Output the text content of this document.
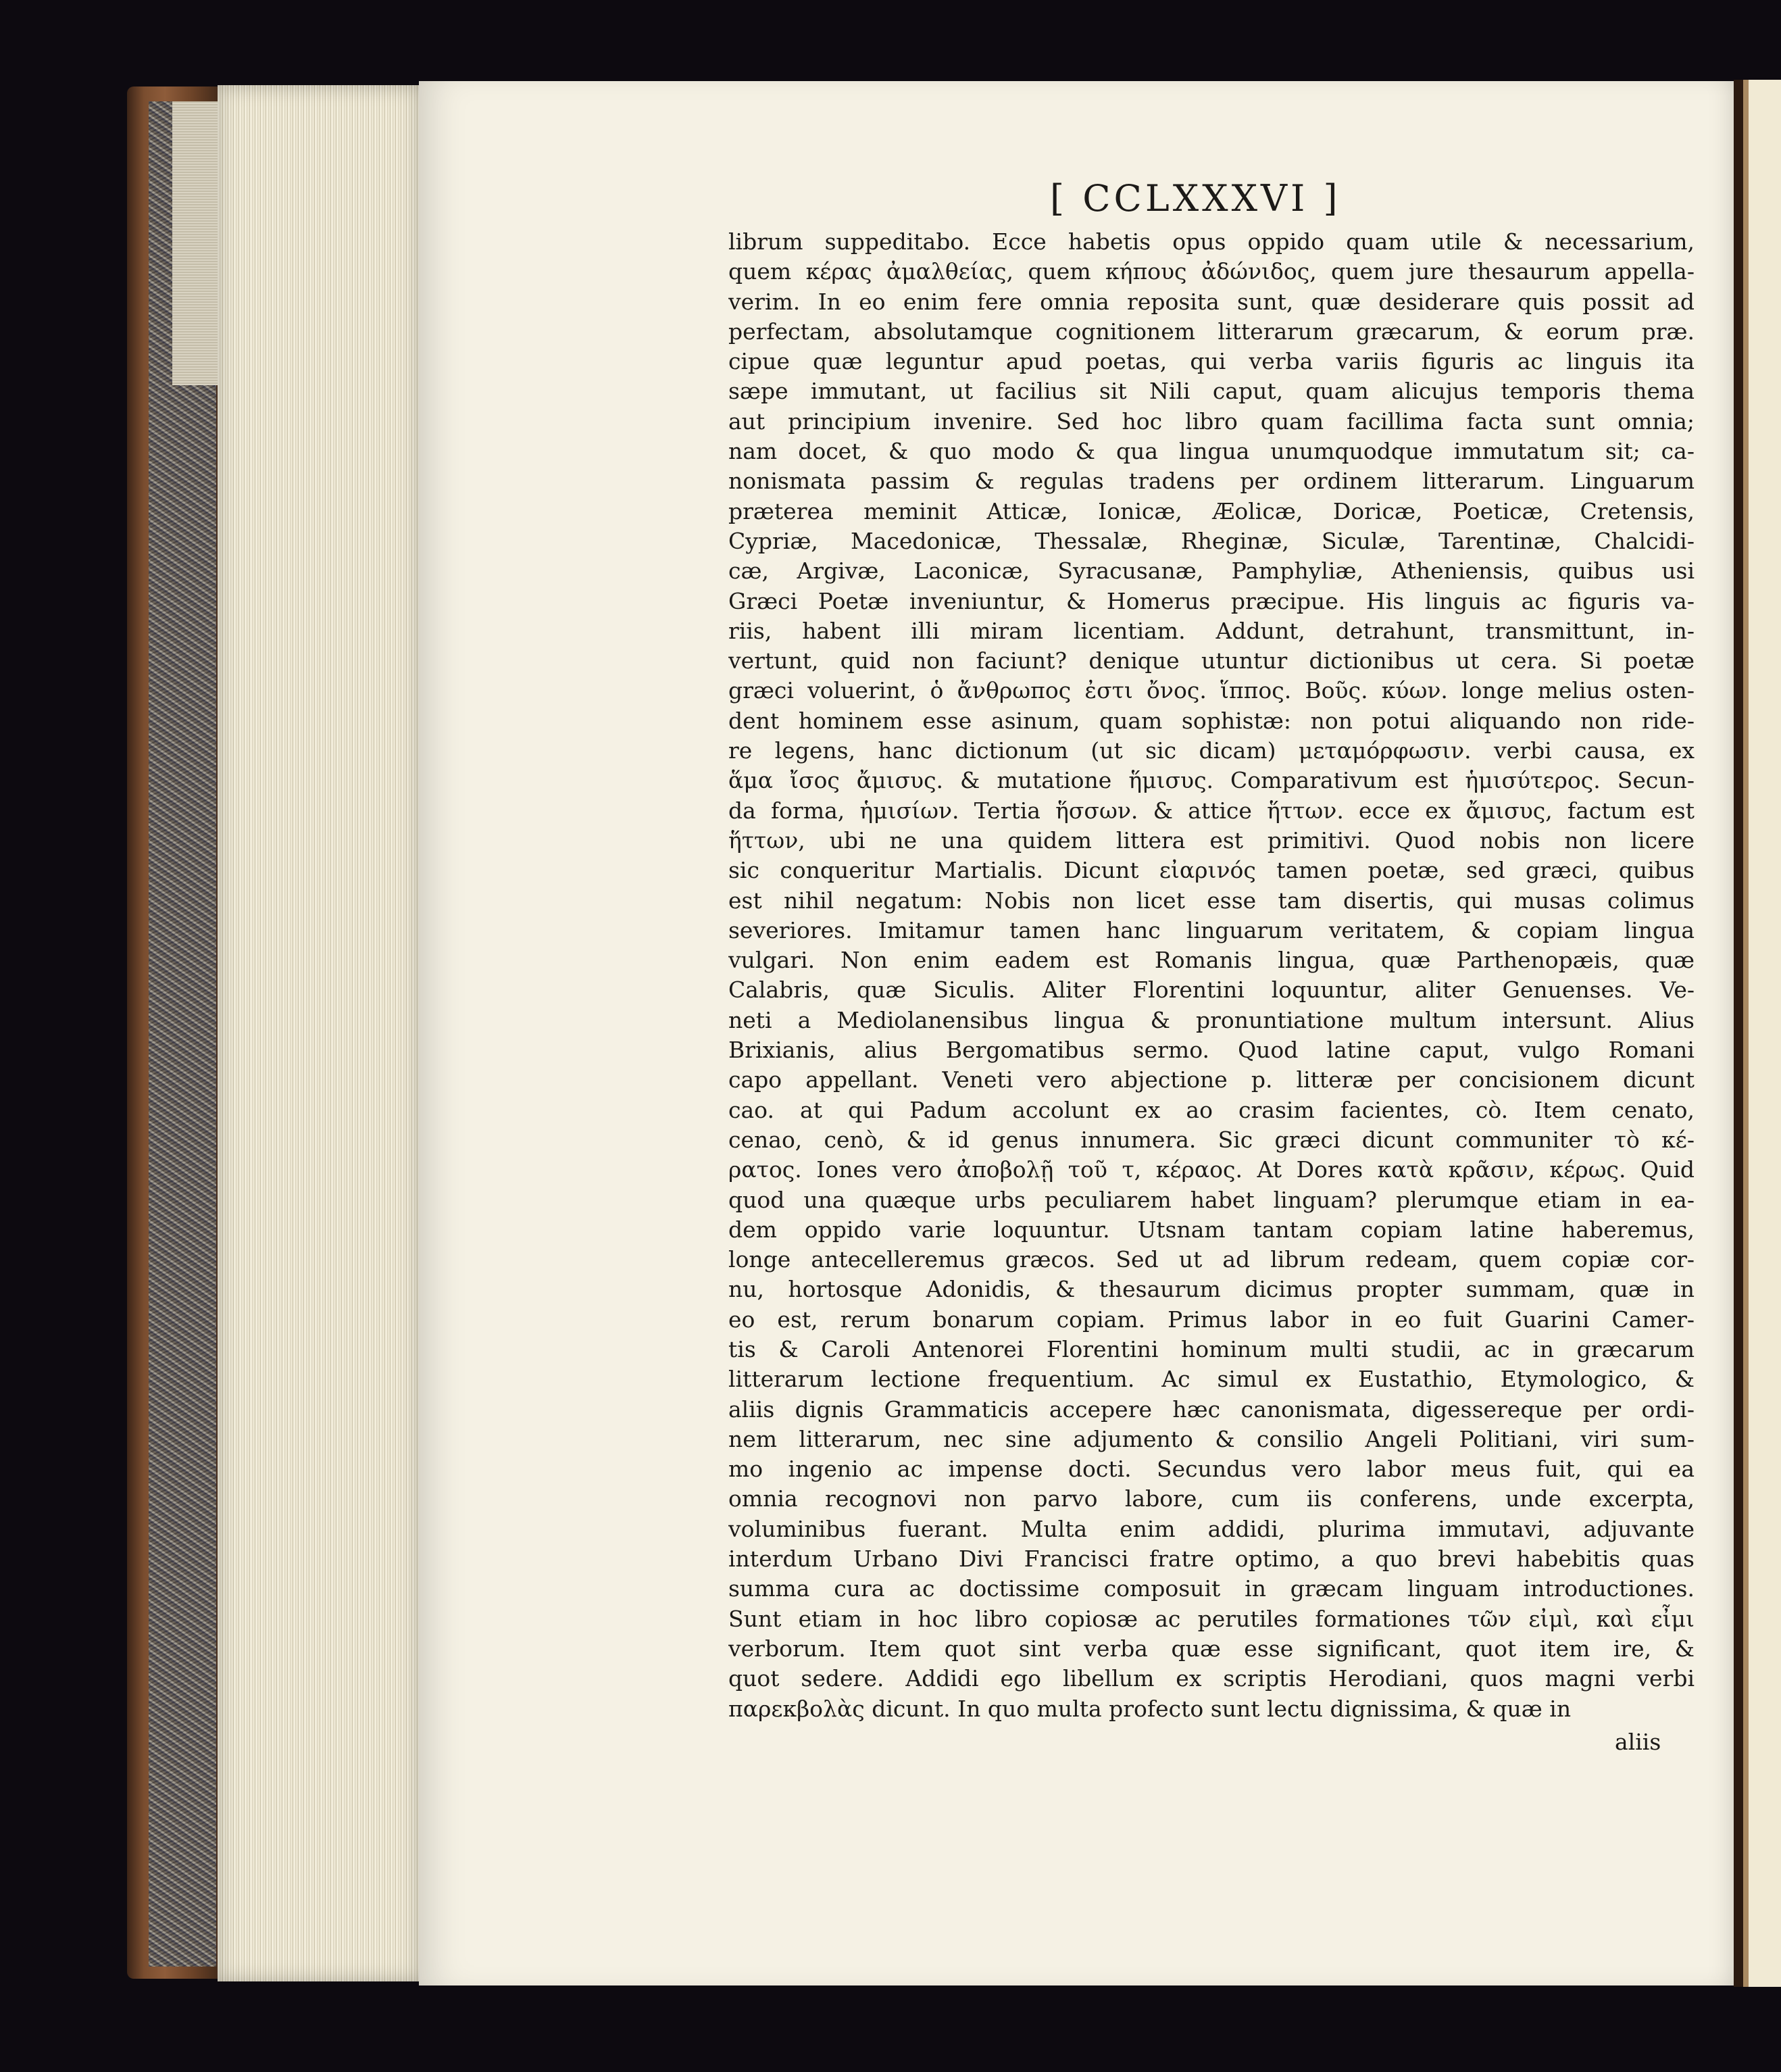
[ CCLXXXVI ]
librum suppeditabo. Ecce habetis opus oppido quam utile & necessarium,
quem κέρας ἀμαλθείας, quem κήπους ἀδώνιδος, quem jure thesaurum appella-
verim. In eo enim fere omnia reposita sunt, quæ desiderare quis possit ad
perfectam, absolutamque cognitionem litterarum græcarum, & eorum præ.
cipue quæ leguntur apud poetas, qui verba variis figuris ac linguis ita
sæpe immutant, ut facilius sit Nili caput, quam alicujus temporis thema
aut principium invenire. Sed hoc libro quam facillima facta sunt omnia;
nam docet, & quo modo & qua lingua unumquodque immutatum sit; ca-
nonismata passim & regulas tradens per ordinem litterarum. Linguarum
præterea meminit Atticæ, Ionicæ, Æolicæ, Doricæ, Poeticæ, Cretensis,
Cypriæ, Macedonicæ, Thessalæ, Rheginæ, Siculæ, Tarentinæ, Chalcidi-
cæ, Argivæ, Laconicæ, Syracusanæ, Pamphyliæ, Atheniensis, quibus usi
Græci Poetæ inveniuntur, & Homerus præcipue. His linguis ac figuris va-
riis, habent illi miram licentiam. Addunt, detrahunt, transmittunt, in-
vertunt, quid non faciunt? denique utuntur dictionibus ut cera. Si poetæ
græci voluerint, ὁ ἄνθρωπος ἐστι ὄνος. ἵππος. Βοῦς. κύων. longe melius osten-
dent hominem esse asinum, quam sophistæ: non potui aliquando non ride-
re legens, hanc dictionum (ut sic dicam) μεταμόρφωσιν. verbi causa, ex
ἅμα ἴσος ἄμισυς. & mutatione ἥμισυς. Comparativum est ἡμισύτερος. Secun-
da forma, ἡμισίων. Tertia ἥσσων. & attice ἥττων. ecce ex ἄμισυς, factum est
ἥττων, ubi ne una quidem littera est primitivi. Quod nobis non licere
sic conqueritur Martialis. Dicunt εἰαρινός tamen poetæ, sed græci, quibus
est nihil negatum: Nobis non licet esse tam disertis, qui musas colimus
severiores. Imitamur tamen hanc linguarum veritatem, & copiam lingua
vulgari. Non enim eadem est Romanis lingua, quæ Parthenopæis, quæ
Calabris, quæ Siculis. Aliter Florentini loquuntur, aliter Genuenses. Ve-
neti a Mediolanensibus lingua & pronuntiatione multum intersunt. Alius
Brixianis, alius Bergomatibus sermo. Quod latine caput, vulgo Romani
capo appellant. Veneti vero abjectione p. litteræ per concisionem dicunt
cao. at qui Padum accolunt ex ao crasim facientes, cò. Item cenato,
cenao, cenò, & id genus innumera. Sic græci dicunt communiter τὸ κέ-
ρατος. Iones vero ἀποβολῇ τοῦ τ, κέραος. At Dores κατὰ κρᾶσιν, κέρως. Quid
quod una quæque urbs peculiarem habet linguam? plerumque etiam in ea-
dem oppido varie loquuntur. Utsnam tantam copiam latine haberemus,
longe antecelleremus græcos. Sed ut ad librum redeam, quem copiæ cor-
nu, hortosque Adonidis, & thesaurum dicimus propter summam, quæ in
eo est, rerum bonarum copiam. Primus labor in eo fuit Guarini Camer-
tis & Caroli Antenorei Florentini hominum multi studii, ac in græcarum
litterarum lectione frequentium. Ac simul ex Eustathio, Etymologico, &
aliis dignis Grammaticis accepere hæc canonismata, digessereque per ordi-
nem litterarum, nec sine adjumento & consilio Angeli Politiani, viri sum-
mo ingenio ac impense docti. Secundus vero labor meus fuit, qui ea
omnia recognovi non parvo labore, cum iis conferens, unde excerpta,
voluminibus fuerant. Multa enim addidi, plurima immutavi, adjuvante
interdum Urbano Divi Francisci fratre optimo, a quo brevi habebitis quas
summa cura ac doctissime composuit in græcam linguam introductiones.
Sunt etiam in hoc libro copiosæ ac perutiles formationes τῶν εἰμὶ, καὶ εἶμι
verborum. Item quot sint verba quæ esse significant, quot item ire, &
quot sedere. Addidi ego libellum ex scriptis Herodiani, quos magni verbi
παρεκβολὰς dicunt. In quo multa profecto sunt lectu dignissima, & quæ in
aliis
